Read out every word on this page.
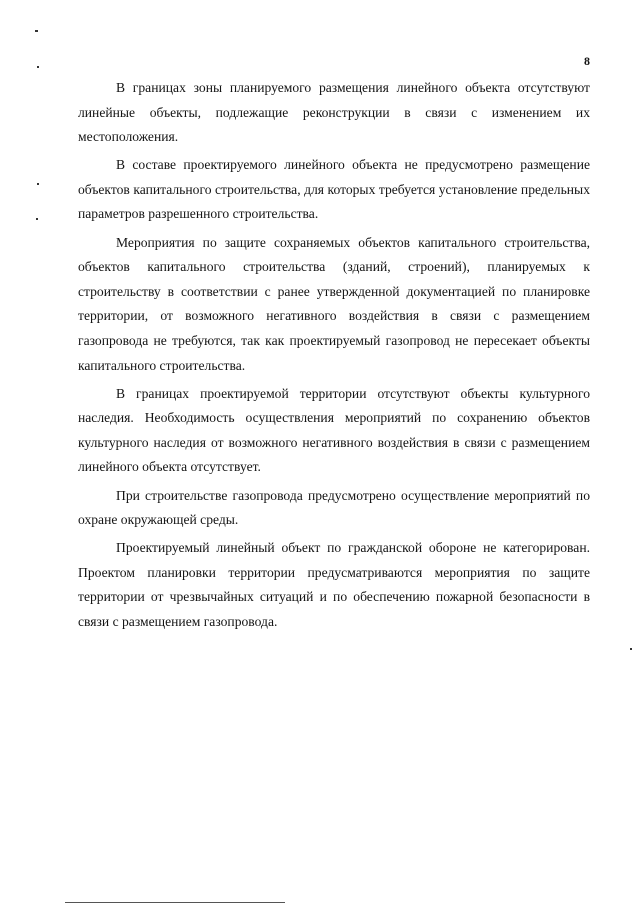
8

В границах зоны планируемого размещения линейного объекта отсутствуют линейные объекты, подлежащие реконструкции в связи с изменением их местоположения.

В составе проектируемого линейного объекта не предусмотрено размещение объектов капитального строительства, для которых требуется установление предельных параметров разрешенного строительства.

Мероприятия по защите сохраняемых объектов капитального строительства, объектов капитального строительства (зданий, строений), планируемых к строительству в соответствии с ранее утвержденной документацией по планировке территории, от возможного негативного воздействия в связи с размещением газопровода не требуются, так как проектируемый газопровод не пересекает объекты капитального строительства.

В границах проектируемой территории отсутствуют объекты культурного наследия. Необходимость осуществления мероприятий по сохранению объектов культурного наследия от возможного негативного воздействия в связи с размещением линейного объекта отсутствует.

При строительстве газопровода предусмотрено осуществление мероприятий по охране окружающей среды.

Проектируемый линейный объект по гражданской обороне не категорирован. Проектом планировки территории предусматриваются мероприятия по защите территории от чрезвычайных ситуаций и по обеспечению пожарной безопасности в связи с размещением газопровода.
